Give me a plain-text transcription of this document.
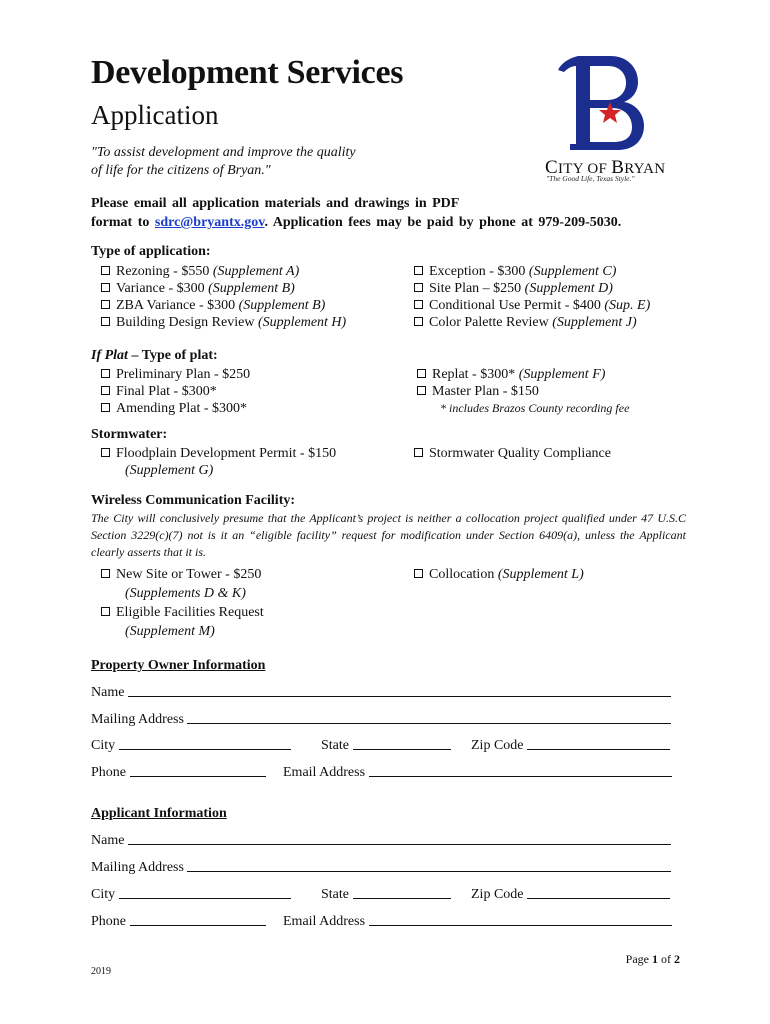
Development Services
Application
"To assist development and improve the quality
of life for the citizens of Bryan."	CITY OF BRYAN
"The Good Life, Texas Style."
Please email all application materials and drawings in PDF
format to sdrc@bryantx.gov. Application fees may be paid by phone at 979-209-5030.
Type of application:
Rezoning - $550 (Supplement A)
Variance - $300 (Supplement B)
ZBA Variance - $300 (Supplement B)
Building Design Review (Supplement H)
Exception - $300 (Supplement C)
Site Plan – $250 (Supplement D)
Conditional Use Permit - $400 (Sup. E)
Color Palette Review (Supplement J)
If Plat – Type of plat:
Preliminary Plan - $250
Final Plat - $300*
Amending Plat - $300*
Replat - $300* (Supplement F)
Master Plan - $150
* includes Brazos County recording fee
Stormwater:
Floodplain Development Permit - $150
(Supplement G)
Stormwater Quality Compliance
Wireless Communication Facility:
The City will conclusively presume that the Applicant’s project is neither a collocation project qualified under 47 U.S.C Section 3229(c)(7) not is it an “eligible facility” request for modification under Section 6409(a), unless the Applicant clearly asserts that it is.
New Site or Tower - $250
(Supplements D & K)
Eligible Facilities Request
(Supplement M)
Collocation (Supplement L)
Property Owner Information
Name
Mailing Address
City	State	Zip Code
Phone	Email Address
Applicant Information
Name
Mailing Address
City	State	Zip Code
Phone	Email Address
Page 1 of 2
2019
